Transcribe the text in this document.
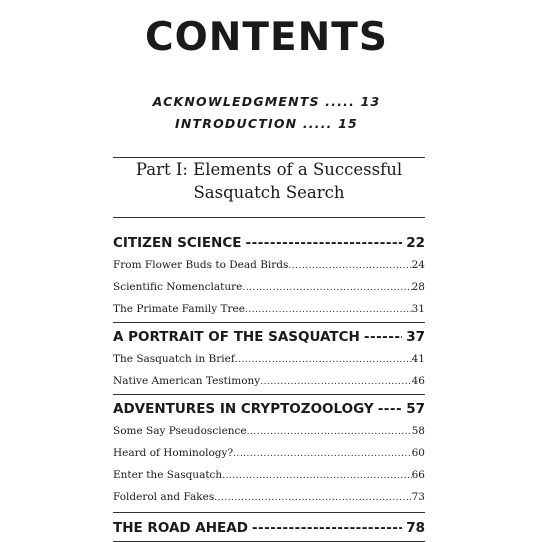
CONTENTS
ACKNOWLEDGMENTS ..... 13
INTRODUCTION ..... 15
Part I: Elements of a Successful
Sasquatch Search
CITIZEN SCIENCE -----	22
From Flower Buds to Dead Birds .....	24
Scientific Nomenclature .....	28
The Primate Family Tree .....	31
A PORTRAIT OF THE SASQUATCH -----	37
The Sasquatch in Brief .....	41
Native American Testimony .....	46
ADVENTURES IN CRYPTOZOOLOGY ----- 57
Some Say Pseudoscience .....	58
Heard of Hominology? .....	60
Enter the Sasquatch .....	66
Folderol and Fakes .....	73
THE ROAD AHEAD -----	78
